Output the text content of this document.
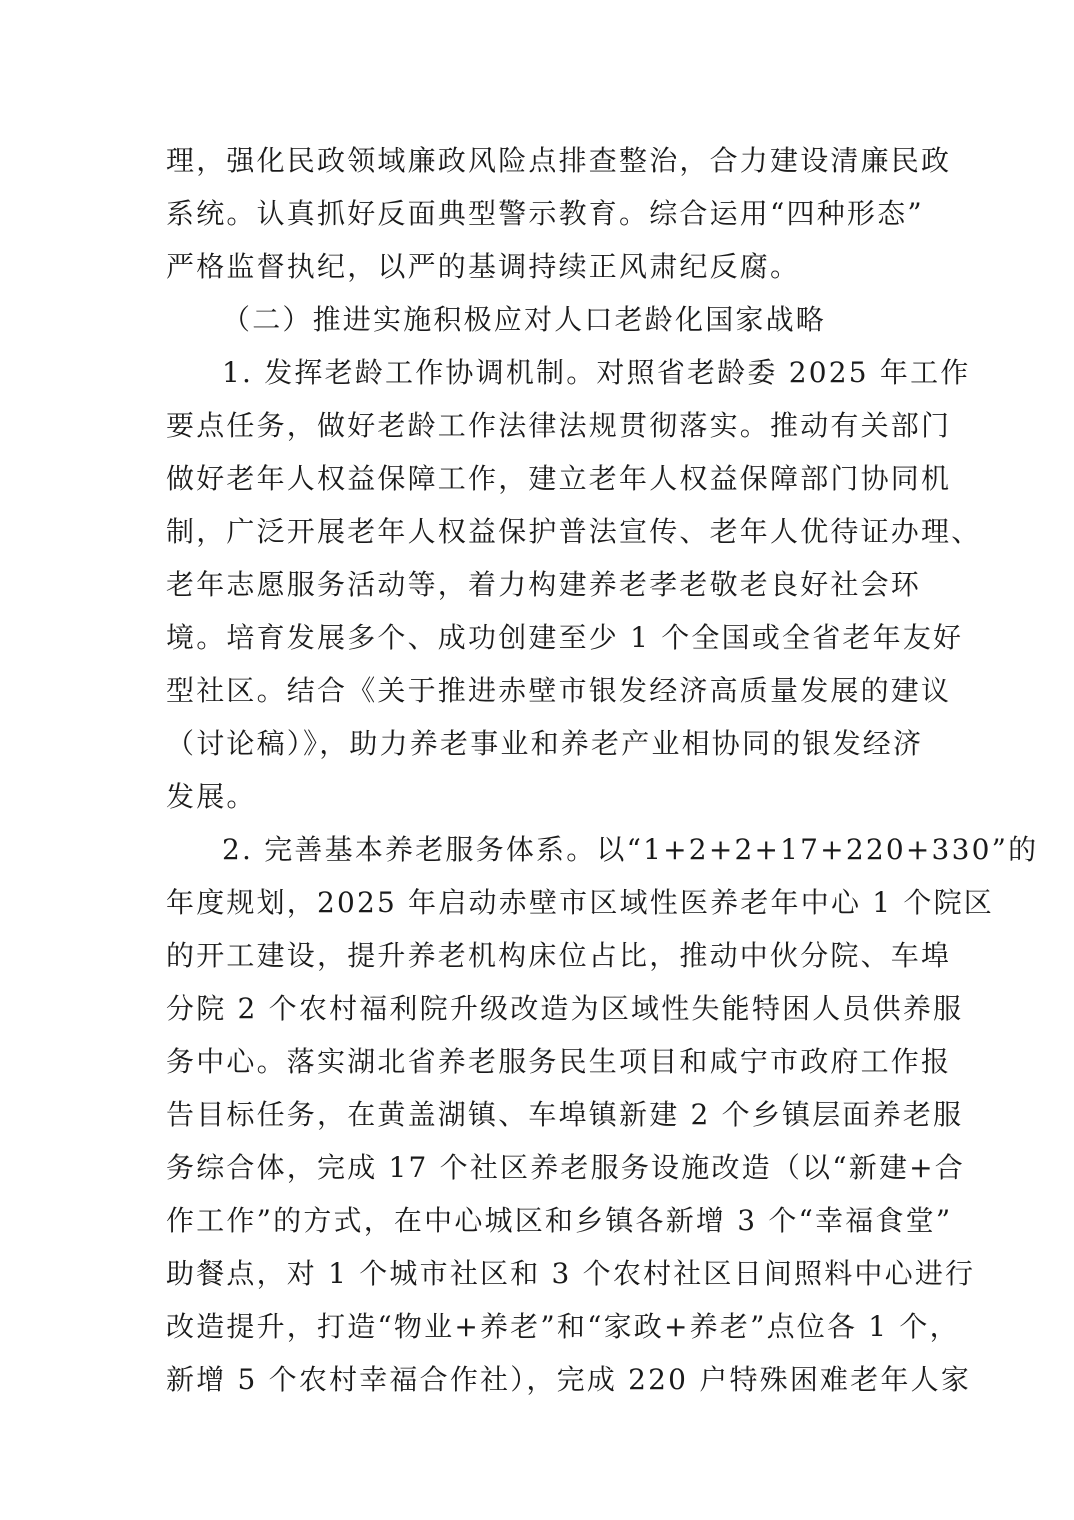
理，强化民政领域廉政风险点排查整治，合力建设清廉民政
系统。认真抓好反面典型警示教育。综合运用“四种形态”
严格监督执纪，以严的基调持续正风肃纪反腐。
（二）推进实施积极应对人口老龄化国家战略
1. 发挥老龄工作协调机制。对照省老龄委 2025 年工作
要点任务，做好老龄工作法律法规贯彻落实。推动有关部门
做好老年人权益保障工作，建立老年人权益保障部门协同机
制，广泛开展老年人权益保护普法宣传、老年人优待证办理、
老年志愿服务活动等，着力构建养老孝老敬老良好社会环
境。培育发展多个、成功创建至少 1 个全国或全省老年友好
型社区。结合《关于推进赤壁市银发经济高质量发展的建议
（讨论稿）》，助力养老事业和养老产业相协同的银发经济
发展。
2. 完善基本养老服务体系。以“1+2+2+17+220+330”的
年度规划，2025 年启动赤壁市区域性医养老年中心 1 个院区
的开工建设，提升养老机构床位占比，推动中伙分院、车埠
分院 2 个农村福利院升级改造为区域性失能特困人员供养服
务中心。落实湖北省养老服务民生项目和咸宁市政府工作报
告目标任务，在黄盖湖镇、车埠镇新建 2 个乡镇层面养老服
务综合体，完成 17 个社区养老服务设施改造（以“新建+合
作工作”的方式，在中心城区和乡镇各新增 3 个“幸福食堂”
助餐点，对 1 个城市社区和 3 个农村社区日间照料中心进行
改造提升，打造“物业+养老”和“家政+养老”点位各 1 个，
新增 5 个农村幸福合作社），完成 220 户特殊困难老年人家
